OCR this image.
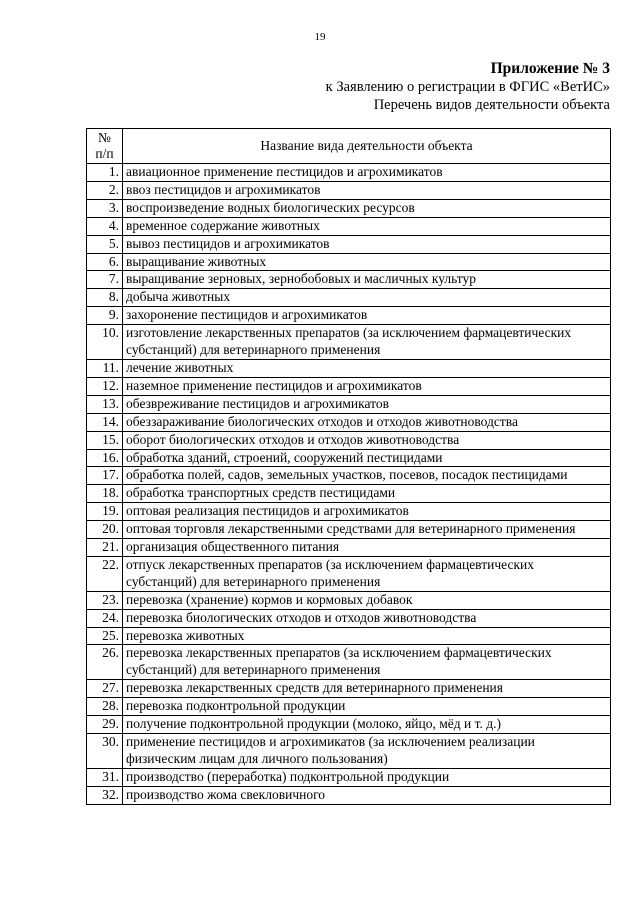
19
Приложение № 3
к Заявлению о регистрации в ФГИС «ВетИС»
Перечень видов деятельности объекта
№
п/п	Название вида деятельности объекта
1.	авиационное применение пестицидов и агрохимикатов
2.	ввоз пестицидов и агрохимикатов
3.	воспроизведение водных биологических ресурсов
4.	временное содержание животных
5.	вывоз пестицидов и агрохимикатов
6.	выращивание животных
7.	выращивание зерновых, зернобобовых и масличных культур
8.	добыча животных
9.	захоронение пестицидов и агрохимикатов
10.	изготовление лекарственных препаратов (за исключением фармацевтических субстанций) для ветеринарного применения
11.	лечение животных
12.	наземное применение пестицидов и агрохимикатов
13.	обезвреживание пестицидов и агрохимикатов
14.	обеззараживание биологических отходов и отходов животноводства
15.	оборот биологических отходов и отходов животноводства
16.	обработка зданий, строений, сооружений пестицидами
17.	обработка полей, садов, земельных участков, посевов, посадок пестицидами
18.	обработка транспортных средств пестицидами
19.	оптовая реализация пестицидов и агрохимикатов
20.	оптовая торговля лекарственными средствами для ветеринарного применения
21.	организация общественного питания
22.	отпуск лекарственных препаратов (за исключением фармацевтических субстанций) для ветеринарного применения
23.	перевозка (хранение) кормов и кормовых добавок
24.	перевозка биологических отходов и отходов животноводства
25.	перевозка животных
26.	перевозка лекарственных препаратов (за исключением фармацевтических субстанций) для ветеринарного применения
27.	перевозка лекарственных средств для ветеринарного применения
28.	перевозка подконтрольной продукции
29.	получение подконтрольной продукции (молоко, яйцо, мёд и т. д.)
30.	применение пестицидов и агрохимикатов (за исключением реализации физическим лицам для личного пользования)
31.	производство (переработка) подконтрольной продукции
32.	производство жома свекловичного
